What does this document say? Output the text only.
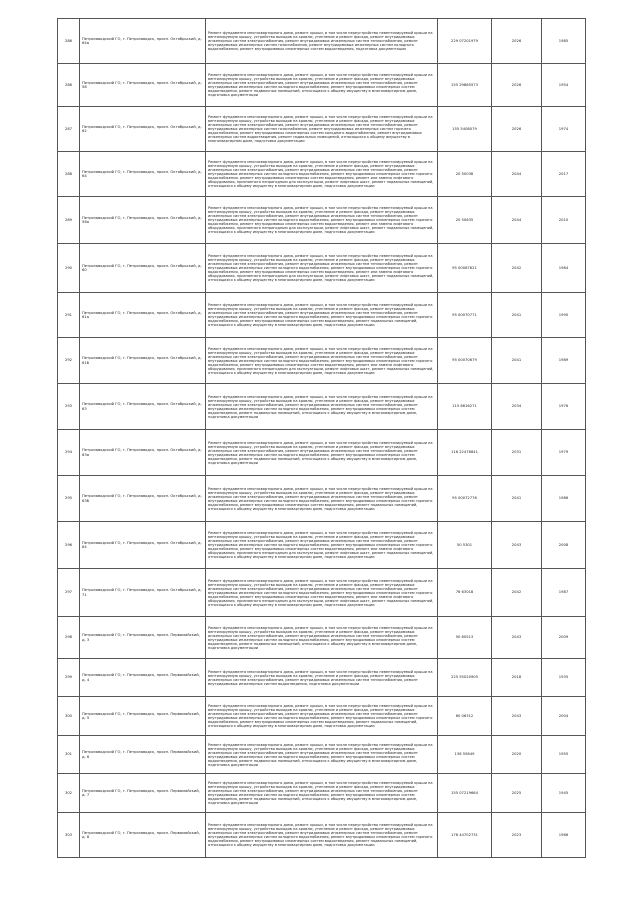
286	Петрозаводский ГО, г. Петрозаводск, просп. Октябрьский, д. 64а	Ремонт фундамента многоквартирного дома, ремонт крыши, в том числе переустройство невентилируемой крыши на вентилируемую крышу, устройство выходов на кровлю, утепление и ремонт фасада, ремонт внутридомовых инженерных систем электроснабжения, ремонт внутридомовых инженерных систем теплоснабжения, ремонт внутридомовых инженерных систем газоснабжения, ремонт внутридомовых инженерных систем холодного водоснабжения, ремонт внутридомовых инженерных систем водоотведения, подготовка документации	229 07201979	2026	1985
286	Петрозаводский ГО, г. Петрозаводск, просп. Октябрьский, д. 58	Ремонт фундамента многоквартирного дома, ремонт крыши, в том числе переустройство невентилируемой крыши на вентилируемую крышу, устройство выходов на кровлю, утепление и ремонт фасада, ремонт внутридомовых инженерных систем электроснабжения, ремонт внутридомовых инженерных систем теплоснабжения, ремонт внутридомовых инженерных систем холодного водоснабжения, ремонт внутридомовых инженерных систем водоотведения, ремонт подвальных помещений, относящихся к общему имуществу в многоквартирном доме, подготовка документации	155 29865573	2026	1954
287	Петрозаводский ГО, г. Петрозаводск, просп. Октябрьский, д. 62	Ремонт фундамента многоквартирного дома, ремонт крыши, в том числе переустройство невентилируемой крыши на вентилируемую крышу, устройство выходов на кровлю, утепление и ремонт фасада, ремонт внутридомовых инженерных систем электроснабжения, ремонт внутридомовых инженерных систем теплоснабжения, ремонт внутридомовых инженерных систем газоснабжения, ремонт внутридомовых инженерных систем горячего водоснабжения, ремонт внутридомовых инженерных систем холодного водоснабжения, ремонт внутридомовых инженерных систем водоотведения, ремонт подвальных помещений, относящихся к общему имуществу в многоквартирном доме, подготовка документации	155 5408079	2026	1974
288	Петрозаводский ГО, г. Петрозаводск, просп. Октябрьский, д. 64	Ремонт фундамента многоквартирного дома, ремонт крыши, в том числе переустройство невентилируемой крыши на вентилируемую крышу, устройство выходов на кровлю, утепление и ремонт фасада, ремонт внутридомовых инженерных систем электроснабжения, ремонт внутридомовых инженерных систем теплоснабжения, ремонт внутридомовых инженерных систем холодного водоснабжения, ремонт внутридомовых инженерных систем горячего водоснабжения, ремонт внутридомовых инженерных систем водоотведения, ремонт или замена лифтового оборудования, признанного непригодным для эксплуатации, ремонт лифтовых шахт, ремонт подвальных помещений, относящихся к общему имуществу в многоквартирном доме, подготовка документации	20 50038	2044	2017
289	Петрозаводский ГО, г. Петрозаводск, просп. Октябрьский, д. 56а	Ремонт фундамента многоквартирного дома, ремонт крыши, в том числе переустройство невентилируемой крыши на вентилируемую крышу, устройство выходов на кровлю, утепление и ремонт фасада, ремонт внутридомовых инженерных систем электроснабжения, ремонт внутридомовых инженерных систем теплоснабжения, ремонт внутридомовых инженерных систем холодного водоснабжения, ремонт внутридомовых инженерных систем горячего водоснабжения, ремонт внутридомовых инженерных систем водоотведения, ремонт или замена лифтового оборудования, признанного непригодным для эксплуатации, ремонт лифтовых шахт, ремонт подвальных помещений, относящихся к общему имуществу в многоквартирном доме, подготовка документации	20 50635	2044	2010
290	Петрозаводский ГО, г. Петрозаводск, просп. Октябрьский, д. 60	Ремонт фундамента многоквартирного дома, ремонт крыши, в том числе переустройство невентилируемой крыши на вентилируемую крышу, устройство выходов на кровлю, утепление и ремонт фасада, ремонт внутридомовых инженерных систем электроснабжения, ремонт внутридомовых инженерных систем теплоснабжения, ремонт внутридомовых инженерных систем холодного водоснабжения, ремонт внутридомовых инженерных систем горячего водоснабжения, ремонт внутридомовых инженерных систем водоотведения, ремонт или замена лифтового оборудования, признанного непригодным для эксплуатации, ремонт лифтовых шахт, ремонт подвальных помещений, относящихся к общему имуществу в многоквартирном доме, подготовка документации	95 00087621	2042	1984
291	Петрозаводский ГО, г. Петрозаводск, просп. Октябрьский, д. 61а	Ремонт фундамента многоквартирного дома, ремонт крыши, в том числе переустройство невентилируемой крыши на вентилируемую крышу, устройство выходов на кровлю, утепление и ремонт фасада, ремонт внутридомовых инженерных систем электроснабжения, ремонт внутридомовых инженерных систем теплоснабжения, ремонт внутридомовых инженерных систем холодного водоснабжения, ремонт внутридомовых инженерных систем горячего водоснабжения, ремонт внутридомовых инженерных систем водоотведения, ремонт подвальных помещений, относящихся к общему имуществу в многоквартирном доме, подготовка документации	95 00070771	2041	1990
292	Петрозаводский ГО, г. Петрозаводск, просп. Октябрьский, д. 61б	Ремонт фундамента многоквартирного дома, ремонт крыши, в том числе переустройство невентилируемой крыши на вентилируемую крышу, устройство выходов на кровлю, утепление и ремонт фасада, ремонт внутридомовых инженерных систем электроснабжения, ремонт внутридомовых инженерных систем теплоснабжения, ремонт внутридомовых инженерных систем холодного водоснабжения, ремонт внутридомовых инженерных систем горячего водоснабжения, ремонт внутридомовых инженерных систем водоотведения, ремонт или замена лифтового оборудования, признанного непригодным для эксплуатации, ремонт лифтовых шахт, ремонт подвальных помещений, относящихся к общему имуществу в многоквартирном доме, подготовка документации	95 00070679	2041	1989
293	Петрозаводский ГО, г. Петрозаводск, просп. Октябрьский, д. 63	Ремонт фундамента многоквартирного дома, ремонт крыши, в том числе переустройство невентилируемой крыши на вентилируемую крышу, устройство выходов на кровлю, утепление и ремонт фасада, ремонт внутридомовых инженерных систем электроснабжения, ремонт внутридомовых инженерных систем теплоснабжения, ремонт внутридомовых инженерных систем холодного водоснабжения, ремонт внутридомовых инженерных систем водоотведения, ремонт подвальных помещений, относящихся к общему имуществу в многоквартирном доме, подготовка документации	115 6616271	2034	1976
294	Петрозаводский ГО, г. Петрозаводск, просп. Октябрьский, д. 63а	Ремонт фундамента многоквартирного дома, ремонт крыши, в том числе переустройство невентилируемой крыши на вентилируемую крышу, устройство выходов на кровлю, утепление и ремонт фасада, ремонт внутридомовых инженерных систем электроснабжения, ремонт внутридомовых инженерных систем теплоснабжения, ремонт внутридомовых инженерных систем холодного водоснабжения, ремонт внутридомовых инженерных систем водоотведения, ремонт подвальных помещений, относящихся к общему имуществу в многоквартирном доме, подготовка документации	116 22476841	2031	1979
295	Петрозаводский ГО, г. Петрозаводск, просп. Октябрьский, д. 63б	Ремонт фундамента многоквартирного дома, ремонт крыши, в том числе переустройство невентилируемой крыши на вентилируемую крышу, устройство выходов на кровлю, утепление и ремонт фасада, ремонт внутридомовых инженерных систем электроснабжения, ремонт внутридомовых инженерных систем теплоснабжения, ремонт внутридомовых инженерных систем холодного водоснабжения, ремонт внутридомовых инженерных систем горячего водоснабжения, ремонт внутридомовых инженерных систем водоотведения, ремонт подвальных помещений, относящихся к общему имуществу в многоквартирном доме, подготовка документации	95 00072776	2041	1986
296	Петрозаводский ГО, г. Петрозаводск, просп. Октябрьский, д. 64	Ремонт фундамента многоквартирного дома, ремонт крыши, в том числе переустройство невентилируемой крыши на вентилируемую крышу, устройство выходов на кровлю, утепление и ремонт фасада, ремонт внутридомовых инженерных систем электроснабжения, ремонт внутридомовых инженерных систем теплоснабжения, ремонт внутридомовых инженерных систем холодного водоснабжения, ремонт внутридомовых инженерных систем горячего водоснабжения, ремонт внутридомовых инженерных систем водоотведения, ремонт или замена лифтового оборудования, признанного непригодным для эксплуатации, ремонт лифтовых шахт, ремонт подвальных помещений, относящихся к общему имуществу в многоквартирном доме, подготовка документации	50 5301	2043	2008
297	Петрозаводский ГО, г. Петрозаводск, просп. Октябрьский, д. 71	Ремонт фундамента многоквартирного дома, ремонт крыши, в том числе переустройство невентилируемой крыши на вентилируемую крышу, устройство выходов на кровлю, утепление и ремонт фасада, ремонт внутридомовых инженерных систем электроснабжения, ремонт внутридомовых инженерных систем теплоснабжения, ремонт внутридомовых инженерных систем холодного водоснабжения, ремонт внутридомовых инженерных систем горячего водоснабжения, ремонт внутридомовых инженерных систем водоотведения, ремонт или замена лифтового оборудования, признанного непригодным для эксплуатации, ремонт лифтовых шахт, ремонт подвальных помещений, относящихся к общему имуществу в многоквартирном доме, подготовка документации	76 63018	2042	1987
298	Петрозаводский ГО, г. Петрозаводск, просп. Первомайский, д. 3	Ремонт фундамента многоквартирного дома, ремонт крыши, в том числе переустройство невентилируемой крыши на вентилируемую крышу, устройство выходов на кровлю, утепление и ремонт фасада, ремонт внутридомовых инженерных систем электроснабжения, ремонт внутридомовых инженерных систем теплоснабжения, ремонт внутридомовых инженерных систем холодного водоснабжения, ремонт внутридомовых инженерных систем водоотведения, ремонт подвальных помещений, относящихся к общему имуществу в многоквартирном доме, подготовка документации	50 60513	2043	2009
299	Петрозаводский ГО, г. Петрозаводск, просп. Первомайский, д. 4	Ремонт фундамента многоквартирного дома, ремонт крыши, в том числе переустройство невентилируемой крыши на вентилируемую крышу, устройство выходов на кровлю, утепление и ремонт фасада, ремонт внутридомовых инженерных систем электроснабжения, ремонт внутридомовых инженерных систем теплоснабжения, ремонт внутридомовых инженерных систем водоотведения, подготовка документации	225 55020905	2018	1935
300	Петрозаводский ГО, г. Петрозаводск, просп. Первомайский, д. 5	Ремонт фундамента многоквартирного дома, ремонт крыши, в том числе переустройство невентилируемой крыши на вентилируемую крышу, устройство выходов на кровлю, утепление и ремонт фасада, ремонт внутридомовых инженерных систем электроснабжения, ремонт внутридомовых инженерных систем теплоснабжения, ремонт внутридомовых инженерных систем холодного водоснабжения, ремонт внутридомовых инженерных систем горячего водоснабжения, ремонт внутридомовых инженерных систем водоотведения, ремонт подвальных помещений, относящихся к общему имуществу в многоквартирном доме, подготовка документации	60 06312	2043	2004
301	Петрозаводский ГО, г. Петрозаводск, просп. Первомайский, д. 6	Ремонт фундамента многоквартирного дома, ремонт крыши, в том числе переустройство невентилируемой крыши на вентилируемую крышу, устройство выходов на кровлю, утепление и ремонт фасада, ремонт внутридомовых инженерных систем электроснабжения, ремонт внутридомовых инженерных систем теплоснабжения, ремонт внутридомовых инженерных систем холодного водоснабжения, ремонт внутридомовых инженерных систем водоотведения, ремонт подвальных помещений, относящихся к общему имуществу в многоквартирном доме, подготовка документации	136 55649	2020	1955
302	Петрозаводский ГО, г. Петрозаводск, просп. Первомайский, д. 7	Ремонт фундамента многоквартирного дома, ремонт крыши, в том числе переустройство невентилируемой крыши на вентилируемую крышу, устройство выходов на кровлю, утепление и ремонт фасада, ремонт внутридомовых инженерных систем электроснабжения, ремонт внутридомовых инженерных систем теплоснабжения, ремонт внутридомовых инженерных систем холодного водоснабжения, ремонт внутридомовых инженерных систем водоотведения, ремонт подвальных помещений, относящихся к общему имуществу в многоквартирном доме, подготовка документации	155 07219664	2025	1945
303	Петрозаводский ГО, г. Петрозаводск, просп. Первомайский, д. 8	Ремонт фундамента многоквартирного дома, ремонт крыши, в том числе переустройство невентилируемой крыши на вентилируемую крышу, устройство выходов на кровлю, утепление и ремонт фасада, ремонт внутридомовых инженерных систем электроснабжения, ремонт внутридомовых инженерных систем теплоснабжения, ремонт внутридомовых инженерных систем холодного водоснабжения, ремонт внутридомовых инженерных систем горячего водоснабжения, ремонт внутридомовых инженерных систем водоотведения, ремонт подвальных помещений, относящихся к общему имуществу в многоквартирном доме, подготовка документации	176 44702731	2023	1966
